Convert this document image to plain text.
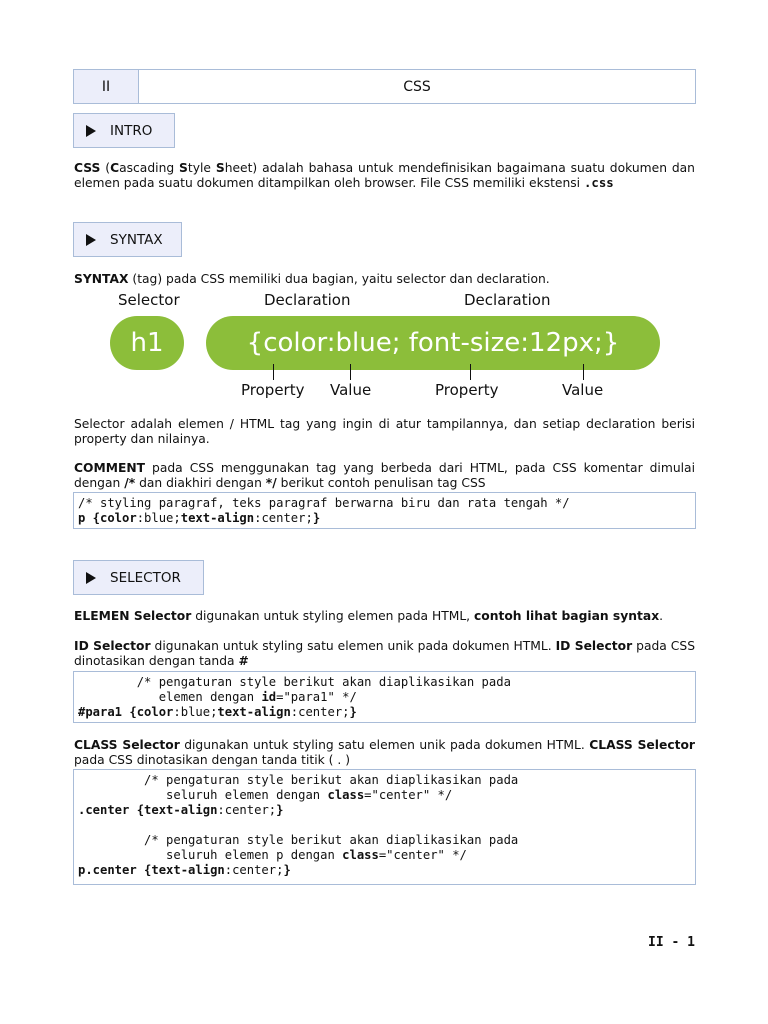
II	CSS
INTRO
CSS (Cascading Style Sheet) adalah bahasa untuk mendefinisikan bagaimana suatu dokumen dan elemen pada suatu dokumen ditampilkan oleh browser. File CSS memiliki ekstensi .css
SYNTAX
SYNTAX (tag) pada CSS memiliki dua bagian, yaitu selector dan declaration.
Selector	Declaration	Declaration
h1	{color:blue; font-size:12px;}
Property Value	Property	Value
Selector adalah elemen / HTML tag yang ingin di atur tampilannya, dan setiap declaration berisi property dan nilainya.
COMMENT pada CSS menggunakan tag yang berbeda dari HTML, pada CSS komentar dimulai dengan /* dan diakhiri dengan */ berikut contoh penulisan tag CSS
/* styling paragraf, teks paragraf berwarna biru dan rata tengah */
p {color:blue;text-align:center;}
SELECTOR
ELEMEN Selector digunakan untuk styling elemen pada HTML, contoh lihat bagian syntax.
ID Selector digunakan untuk styling satu elemen unik pada dokumen HTML. ID Selector pada CSS dinotasikan dengan tanda #
/* pengaturan style berikut akan diaplikasikan pada
elemen dengan id="para1" */
#para1 {color:blue;text-align:center;}
CLASS Selector digunakan untuk styling satu elemen unik pada dokumen HTML. CLASS Selector pada CSS dinotasikan dengan tanda titik ( . )
/* pengaturan style berikut akan diaplikasikan pada
seluruh elemen dengan class="center" */
.center {text-align:center;}

/* pengaturan style berikut akan diaplikasikan pada
seluruh elemen p dengan class="center" */
p.center {text-align:center;}
II - 1
